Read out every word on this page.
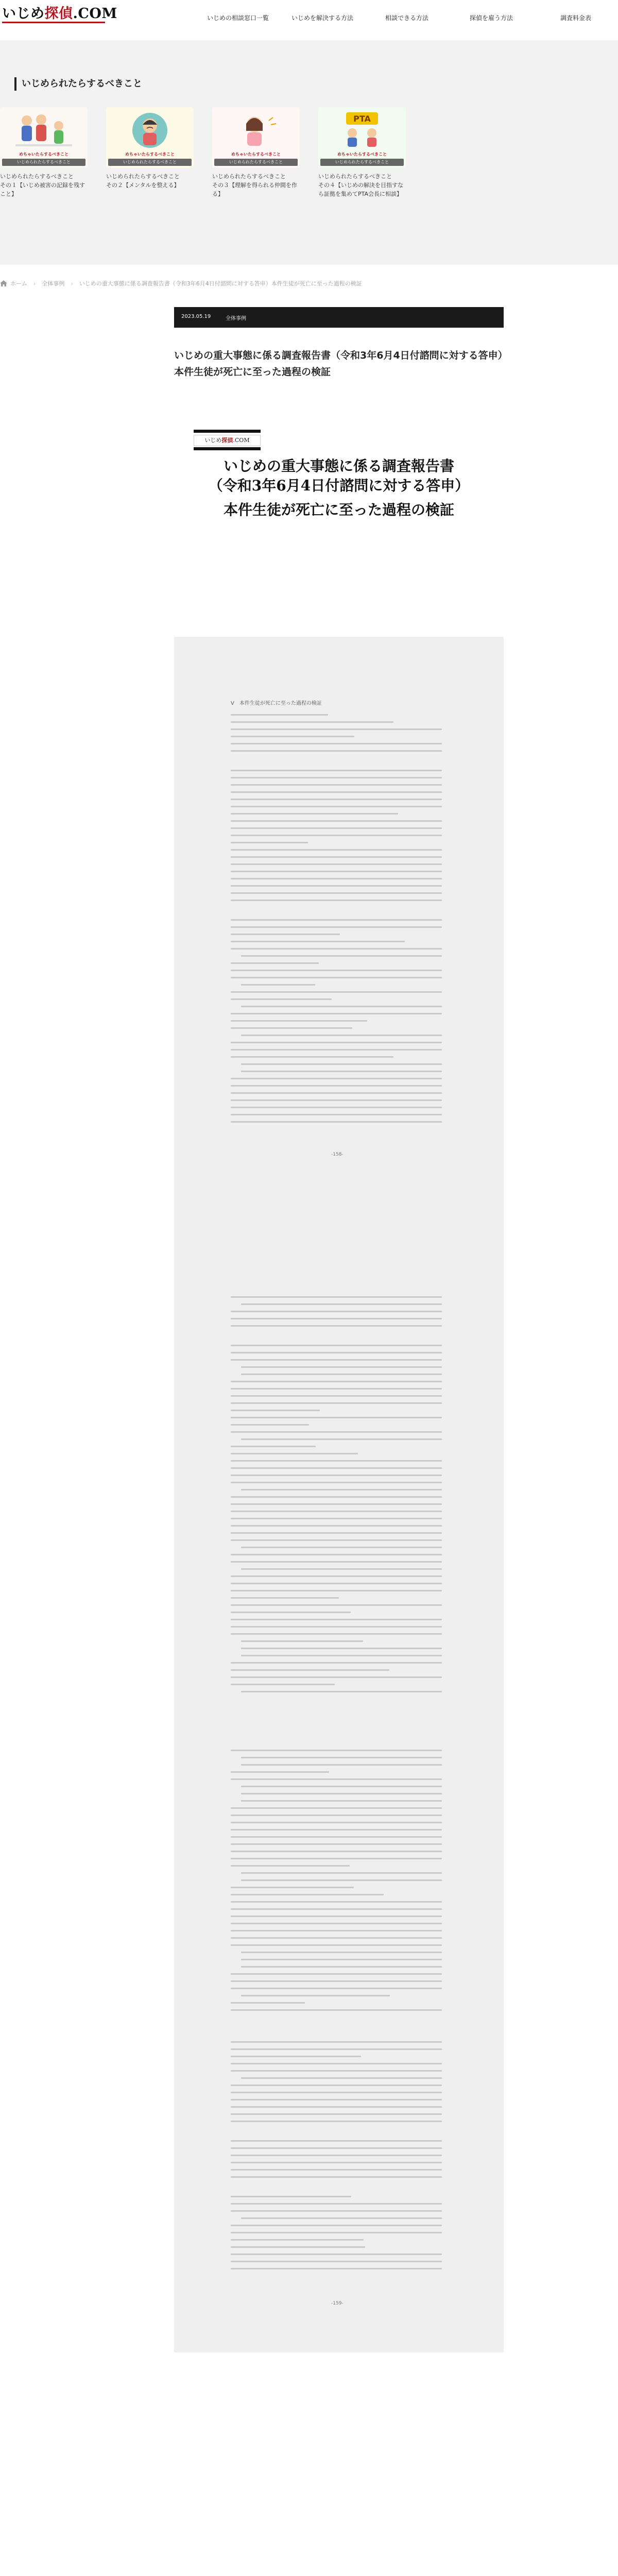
いじめ探偵.COM	いじめの相談窓口一覧	いじめを解決する方法	相談できる方法	探偵を雇う方法	調査料金表
いじめられたらするべきこと
めちゃいたらするべきこと
いじめられたらするべきこと

いじめられたらするべきこと
その１【いじめ被害の記録を残すこと】

めちゃいたらするべきこと
いじめられたらするべきこと

いじめられたらするべきこと
その２【メンタルを整える】

めちゃいたらするべきこと
いじめられたらするべきこと

いじめられたらするべきこと
その３【理解を得られる仲間を作る】

PTA
めちゃいたらするべきこと
いじめられたらするべきこと

いじめられたらするべきこと
その４【いじめの解決を目指すなら証拠を集めてPTA会長に相談】

ホーム › 全体事例 › いじめの重大事態に係る調査報告書（令和3年6月4日付諮問に対する答申）本件生徒が死亡に至った過程の検証
2023.05.19	全体事例
いじめの重大事態に係る調査報告書（令和3年6月4日付諮問に対する答申）本件生徒が死亡に至った過程の検証
いじめ探偵.COM
いじめの重大事態に係る調査報告書
（令和3年6月4日付諮問に対する答申）
本件生徒が死亡に至った過程の検証
Ⅴ　本件生徒が死亡に至った過程の検証
-158-
-159-
